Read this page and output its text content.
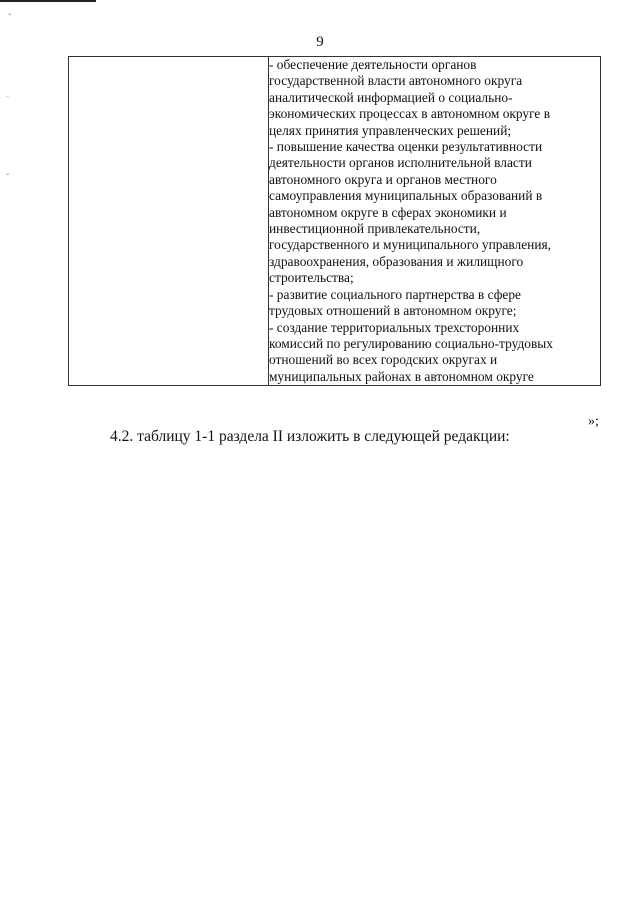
ˇ
ˇ
ˇ
9

- обеспечение деятельности органов
государственной власти автономного округа
аналитической информацией о социально-
экономических процессах в автономном округе в
целях принятия управленческих решений;
- повышение качества оценки результативности
деятельности органов исполнительной власти
автономного округа и органов местного
самоуправления муниципальных образований в
автономном округе в сферах экономики и
инвестиционной привлекательности,
государственного и муниципального управления,
здравоохранения, образования и жилищного
строительства;
- развитие социального партнерства в сфере
трудовых отношений в автономном округе;
- создание территориальных трехсторонних
комиссий по регулированию социально-трудовых
отношений во всех городских округах и
муниципальных районах в автономном округе
»;
4.2. таблицу 1-1 раздела II изложить в следующей редакции:
